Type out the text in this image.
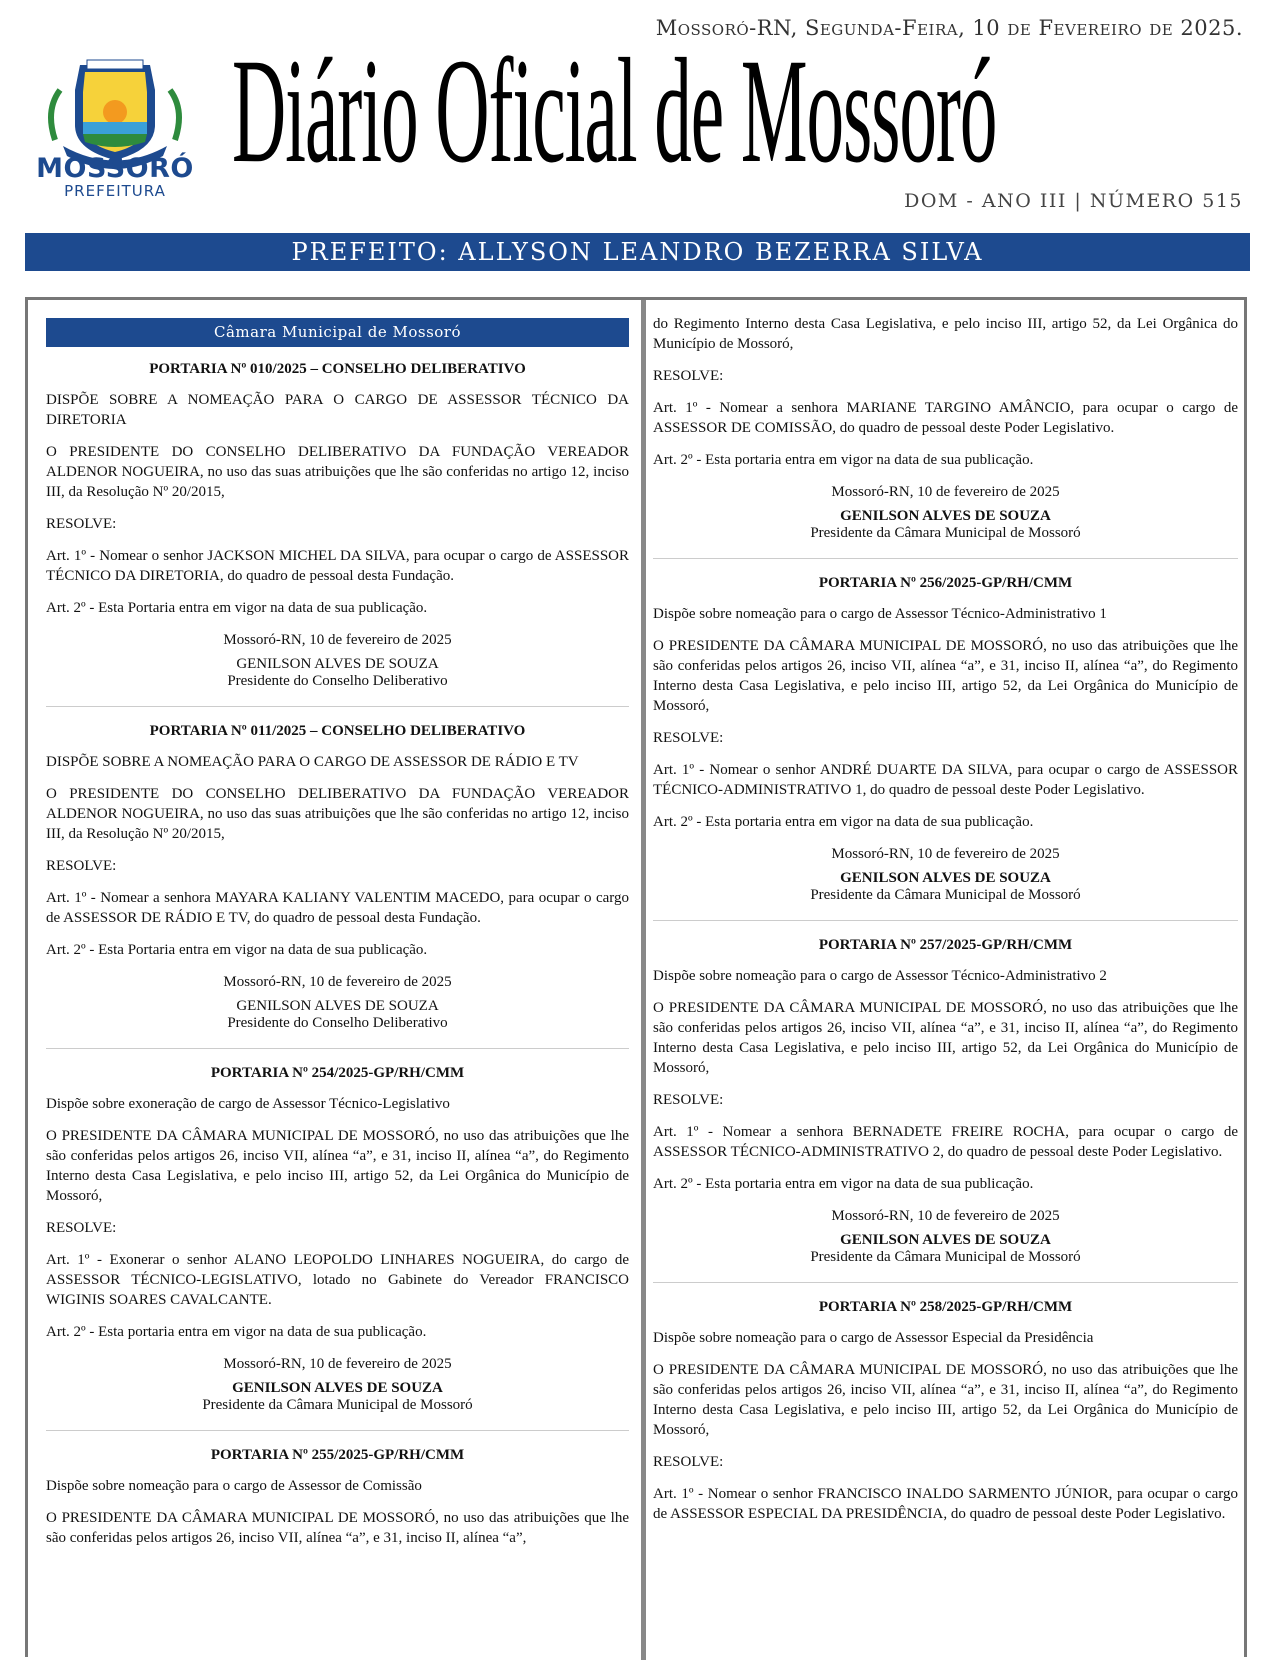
Mossoró-RN, Segunda-Feira, 10 de Fevereiro de 2025.
MOSSORÓ
PREFEITURA Diário Oficial de Mossoró
DOM - ANO III | NÚMERO 515
PREFEITO: ALLYSON LEANDRO BEZERRA SILVA
Câmara Municipal de Mossoró
PORTARIA Nº 010/2025 – CONSELHO DELIBERATIVO

DISPÕE SOBRE A NOMEAÇÃO PARA O CARGO DE ASSESSOR TÉCNICO DA DIRETORIA

O PRESIDENTE DO CONSELHO DELIBERATIVO DA FUNDAÇÃO VEREADOR ALDENOR NOGUEIRA, no uso das suas atribuições que lhe são conferidas no artigo 12, inciso III, da Resolução Nº 20/2015,

RESOLVE:

Art. 1º - Nomear o senhor JACKSON MICHEL DA SILVA, para ocupar o cargo de ASSESSOR TÉCNICO DA DIRETORIA, do quadro de pessoal desta Fundação.

Art. 2º - Esta Portaria entra em vigor na data de sua publicação.

Mossoró-RN, 10 de fevereiro de 2025

GENILSON ALVES DE SOUZA
Presidente do Conselho Deliberativo
PORTARIA Nº 011/2025 – CONSELHO DELIBERATIVO

DISPÕE SOBRE A NOMEAÇÃO PARA O CARGO DE ASSESSOR DE RÁDIO E TV

O PRESIDENTE DO CONSELHO DELIBERATIVO DA FUNDAÇÃO VEREADOR ALDENOR NOGUEIRA, no uso das suas atribuições que lhe são conferidas no artigo 12, inciso III, da Resolução Nº 20/2015,

RESOLVE:

Art. 1º - Nomear a senhora MAYARA KALIANY VALENTIM MACEDO, para ocupar o cargo de ASSESSOR DE RÁDIO E TV, do quadro de pessoal desta Fundação.

Art. 2º - Esta Portaria entra em vigor na data de sua publicação.

Mossoró-RN, 10 de fevereiro de 2025

GENILSON ALVES DE SOUZA
Presidente do Conselho Deliberativo
PORTARIA Nº 254/2025-GP/RH/CMM

Dispõe sobre exoneração de cargo de Assessor Técnico-Legislativo

O PRESIDENTE DA CÂMARA MUNICIPAL DE MOSSORÓ, no uso das atribuições que lhe são conferidas pelos artigos 26, inciso VII, alínea “a”, e 31, inciso II, alínea “a”, do Regimento Interno desta Casa Legislativa, e pelo inciso III, artigo 52, da Lei Orgânica do Município de Mossoró,

RESOLVE:

Art. 1º - Exonerar o senhor ALANO LEOPOLDO LINHARES NOGUEIRA, do cargo de ASSESSOR TÉCNICO-LEGISLATIVO, lotado no Gabinete do Vereador FRANCISCO WIGINIS SOARES CAVALCANTE.

Art. 2º - Esta portaria entra em vigor na data de sua publicação.

Mossoró-RN, 10 de fevereiro de 2025

GENILSON ALVES DE SOUZA
Presidente da Câmara Municipal de Mossoró
PORTARIA Nº 255/2025-GP/RH/CMM

Dispõe sobre nomeação para o cargo de Assessor de Comissão

O PRESIDENTE DA CÂMARA MUNICIPAL DE MOSSORÓ, no uso das atribuições que lhe são conferidas pelos artigos 26, inciso VII, alínea “a”, e 31, inciso II, alínea “a”,

do Regimento Interno desta Casa Legislativa, e pelo inciso III, artigo 52, da Lei Orgânica do Município de Mossoró,

RESOLVE:

Art. 1º - Nomear a senhora MARIANE TARGINO AMÂNCIO, para ocupar o cargo de ASSESSOR DE COMISSÃO, do quadro de pessoal deste Poder Legislativo.

Art. 2º - Esta portaria entra em vigor na data de sua publicação.

Mossoró-RN, 10 de fevereiro de 2025

GENILSON ALVES DE SOUZA
Presidente da Câmara Municipal de Mossoró
PORTARIA Nº 256/2025-GP/RH/CMM

Dispõe sobre nomeação para o cargo de Assessor Técnico-Administrativo 1

O PRESIDENTE DA CÂMARA MUNICIPAL DE MOSSORÓ, no uso das atribuições que lhe são conferidas pelos artigos 26, inciso VII, alínea “a”, e 31, inciso II, alínea “a”, do Regimento Interno desta Casa Legislativa, e pelo inciso III, artigo 52, da Lei Orgânica do Município de Mossoró,

RESOLVE:

Art. 1º - Nomear o senhor ANDRÉ DUARTE DA SILVA, para ocupar o cargo de ASSESSOR TÉCNICO-ADMINISTRATIVO 1, do quadro de pessoal deste Poder Legislativo.

Art. 2º - Esta portaria entra em vigor na data de sua publicação.

Mossoró-RN, 10 de fevereiro de 2025

GENILSON ALVES DE SOUZA
Presidente da Câmara Municipal de Mossoró
PORTARIA Nº 257/2025-GP/RH/CMM

Dispõe sobre nomeação para o cargo de Assessor Técnico-Administrativo 2

O PRESIDENTE DA CÂMARA MUNICIPAL DE MOSSORÓ, no uso das atribuições que lhe são conferidas pelos artigos 26, inciso VII, alínea “a”, e 31, inciso II, alínea “a”, do Regimento Interno desta Casa Legislativa, e pelo inciso III, artigo 52, da Lei Orgânica do Município de Mossoró,

RESOLVE:

Art. 1º - Nomear a senhora BERNADETE FREIRE ROCHA, para ocupar o cargo de ASSESSOR TÉCNICO-ADMINISTRATIVO 2, do quadro de pessoal deste Poder Legislativo.

Art. 2º - Esta portaria entra em vigor na data de sua publicação.

Mossoró-RN, 10 de fevereiro de 2025

GENILSON ALVES DE SOUZA
Presidente da Câmara Municipal de Mossoró
PORTARIA Nº 258/2025-GP/RH/CMM

Dispõe sobre nomeação para o cargo de Assessor Especial da Presidência

O PRESIDENTE DA CÂMARA MUNICIPAL DE MOSSORÓ, no uso das atribuições que lhe são conferidas pelos artigos 26, inciso VII, alínea “a”, e 31, inciso II, alínea “a”, do Regimento Interno desta Casa Legislativa, e pelo inciso III, artigo 52, da Lei Orgânica do Município de Mossoró,

RESOLVE:

Art. 1º - Nomear o senhor FRANCISCO INALDO SARMENTO JÚNIOR, para ocupar o cargo de ASSESSOR ESPECIAL DA PRESIDÊNCIA, do quadro de pessoal deste Poder Legislativo.
